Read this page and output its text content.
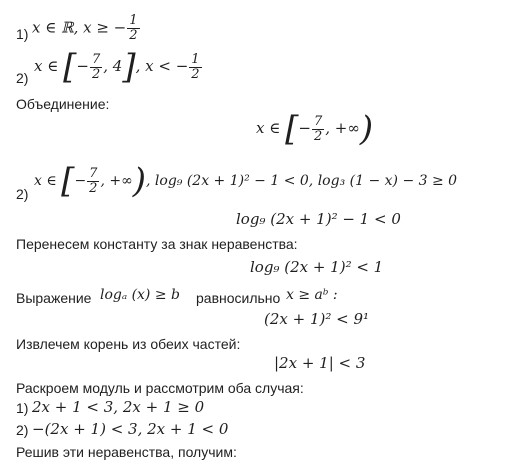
1) x ∈ ℝ, x ≥ − $\frac{1}{2}$
2)
x ∈ [− $\frac{7}{2}$ , 4], x < − $\frac{1}{2}$
Объединение:
x ∈ [− $\frac{7}{2}$ , +∞)
2)
x ∈ [− $\frac{7}{2}$ , +∞), log₉ (2x + 1)² − 1 < 0, log₃ (1 − x) − 3 ≥ 0
log₉ (2x + 1)² − 1 < 0
Перенесем константу за знак неравенства:
log₉ (2x + 1)² < 1
Выражение logₐ (x) ≥ b равносильно x ≥ aᵇ :
(2x + 1)² < 9¹
Извлечем корень из обеих частей:
|2x + 1| < 3
Раскроем модуль и рассмотрим оба случая:
1) 2x + 1 < 3, 2x + 1 ≥ 0
2) −(2x + 1) < 3, 2x + 1 < 0
Решив эти неравенства, получим:
